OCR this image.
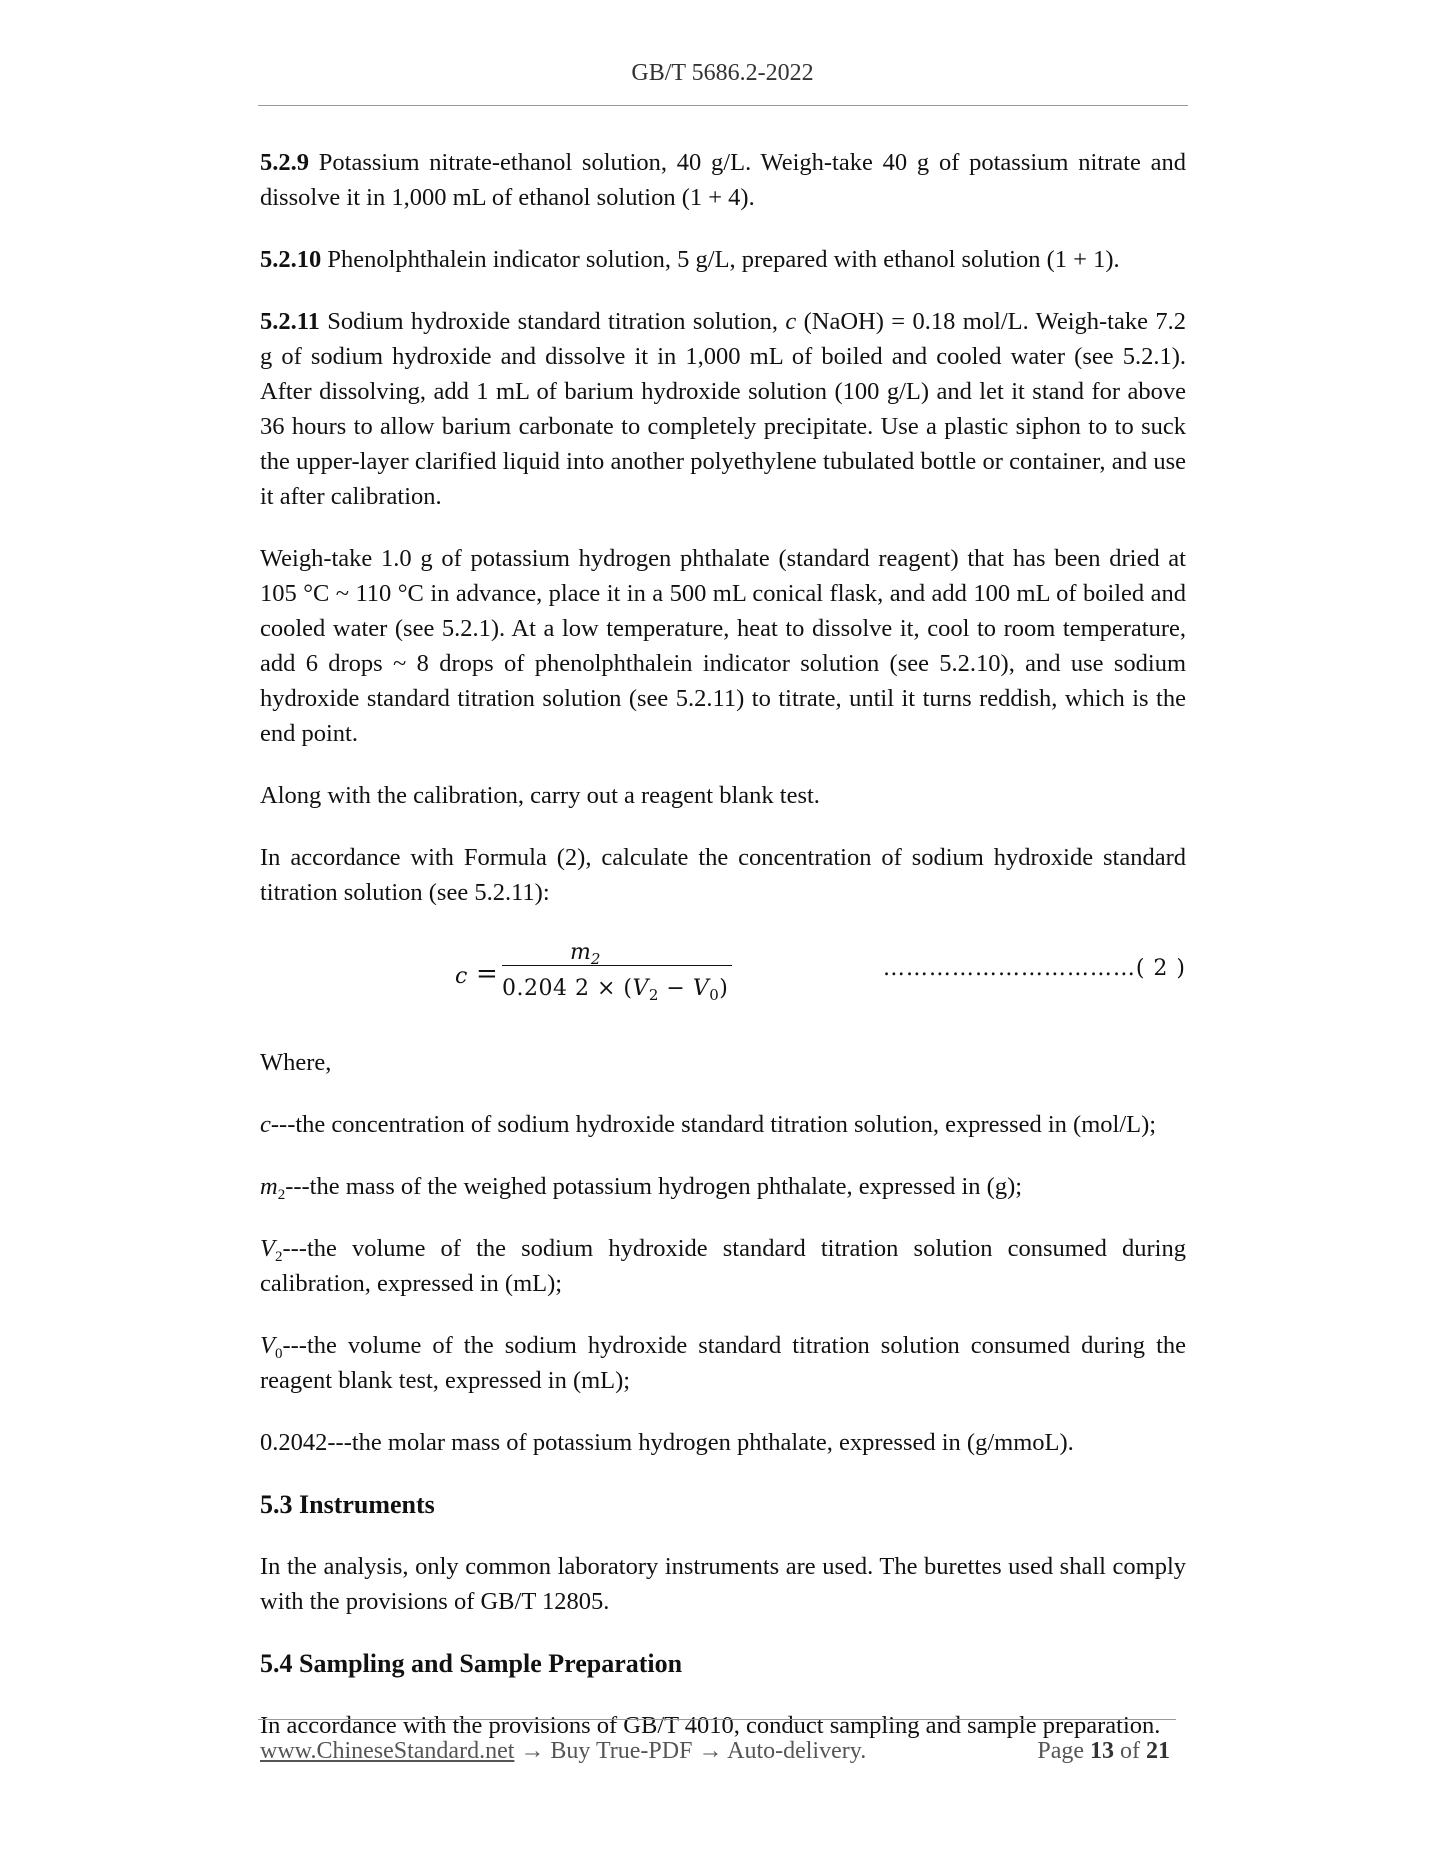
GB/T 5686.2-2022

5.2.9 Potassium nitrate-ethanol solution, 40 g/L. Weigh-take 40 g of potassium nitrate and dissolve it in 1,000 mL of ethanol solution (1 + 4).

5.2.10 Phenolphthalein indicator solution, 5 g/L, prepared with ethanol solution (1 + 1).

5.2.11 Sodium hydroxide standard titration solution, c (NaOH) = 0.18 mol/L. Weigh-take 7.2 g of sodium hydroxide and dissolve it in 1,000 mL of boiled and cooled water (see 5.2.1). After dissolving, add 1 mL of barium hydroxide solution (100 g/L) and let it stand for above 36 hours to allow barium carbonate to completely precipitate. Use a plastic siphon to to suck the upper-layer clarified liquid into another polyethylene tubulated bottle or container, and use it after calibration.

Weigh-take 1.0 g of potassium hydrogen phthalate (standard reagent) that has been dried at 105 °C ~ 110 °C in advance, place it in a 500 mL conical flask, and add 100 mL of boiled and cooled water (see 5.2.1). At a low temperature, heat to dissolve it, cool to room temperature, add 6 drops ~ 8 drops of phenolphthalein indicator solution (see 5.2.10), and use sodium hydroxide standard titration solution (see 5.2.11) to titrate, until it turns reddish, which is the end point.

Along with the calibration, carry out a reagent blank test.

In accordance with Formula (2), calculate the concentration of sodium hydroxide standard titration solution (see 5.2.11):

c =
$m_2$
0.204 $2 \times (V_2 - V_0)$
……………………………( 2 )

Where,

c---the concentration of sodium hydroxide standard titration solution, expressed in (mol/L);

$m_2--$-the mass of the weighed potassium hydrogen phthalate, expressed in (g);

$V_2--$-the volume of the sodium hydroxide standard titration solution consumed during calibration, expressed in (mL);

$V_0--$-the volume of the sodium hydroxide standard titration solution consumed during the reagent blank test, expressed in (mL);

0.2042---the molar mass of potassium hydrogen phthalate, expressed in (g/mmoL).

5.3 Instruments

In the analysis, only common laboratory instruments are used. The burettes used shall comply with the provisions of GB/T 12805.

5.4 Sampling and Sample Preparation

In accordance with the provisions of GB/T 4010, conduct sampling and sample preparation.

www.ChineseStandard.net → Buy True-PDF → Auto-delivery.	Page 13 of 21
